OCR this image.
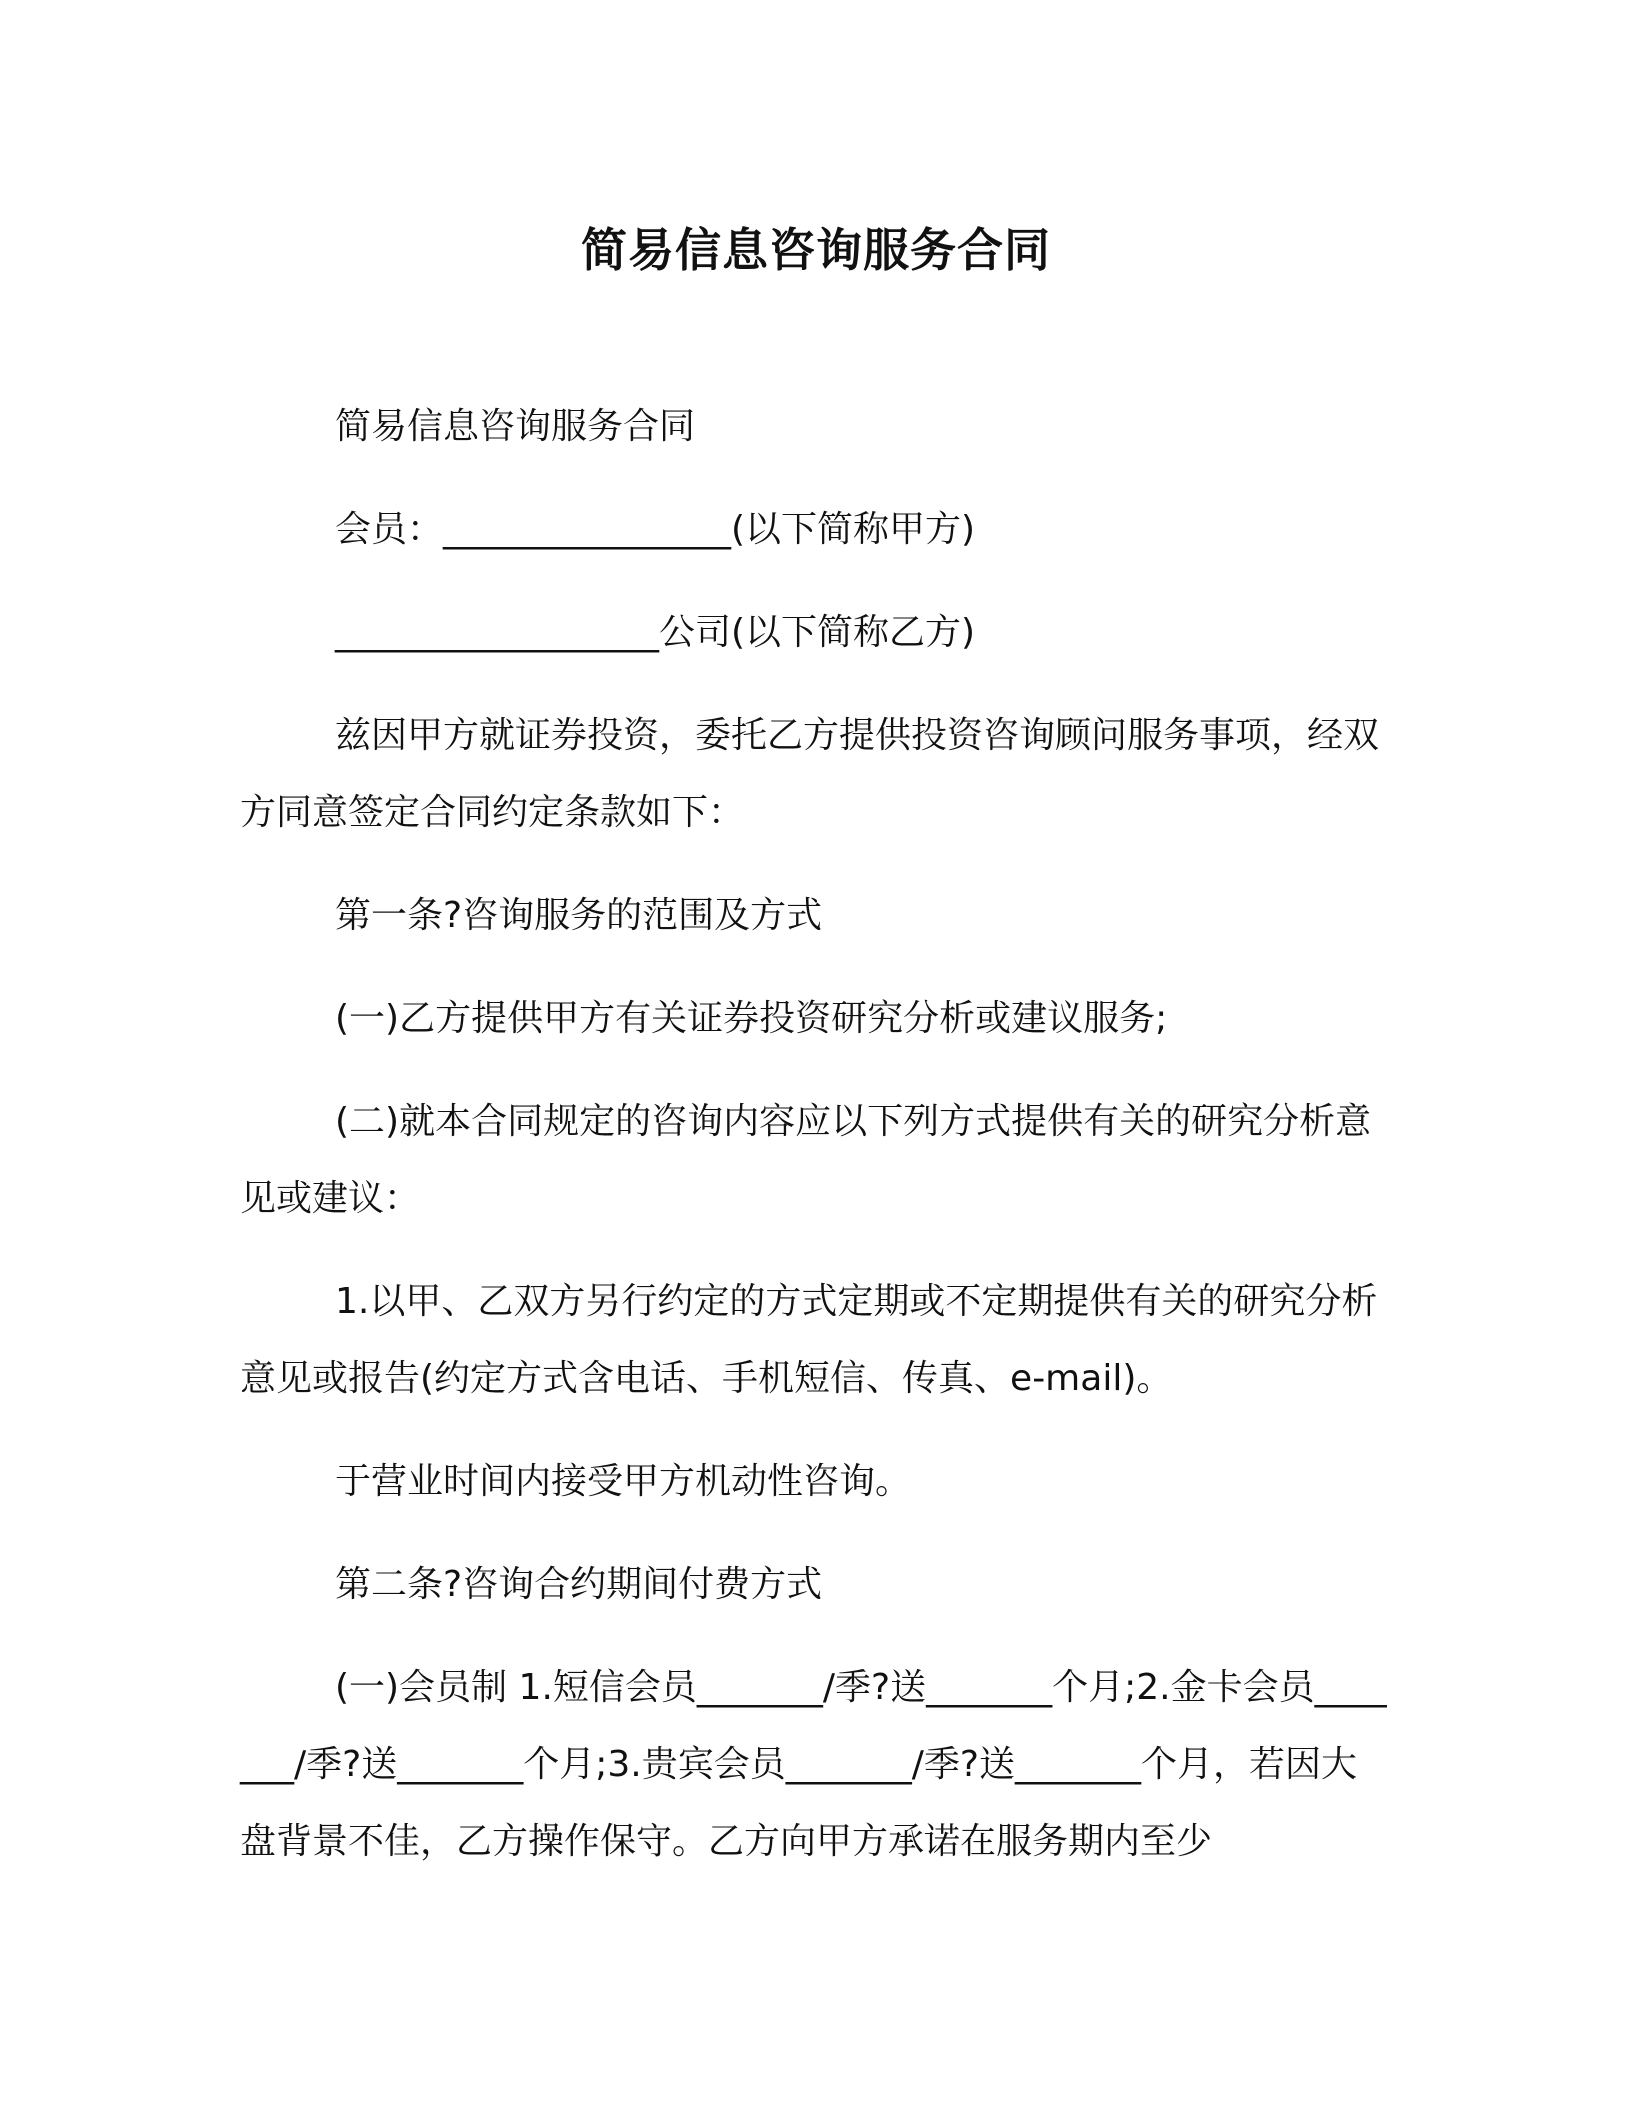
简易信息咨询服务合同

简易信息咨询服务合同

会员：________________(以下简称甲方)

__________________公司(以下简称乙方)

兹因甲方就证券投资，委托乙方提供投资咨询顾问服务事项，经双方同意签定合同约定条款如下：

第一条?咨询服务的范围及方式

(一)乙方提供甲方有关证券投资研究分析或建议服务;

(二)就本合同规定的咨询内容应以下列方式提供有关的研究分析意见或建议：

1.以甲、乙双方另行约定的方式定期或不定期提供有关的研究分析意见或报告(约定方式含电话、手机短信、传真、e-mail)。

于营业时间内接受甲方机动性咨询。

第二条?咨询合约期间付费方式

(一)会员制 1.短信会员_______/季?送_______个月;2.金卡会员_______/季?送_______个月;3.贵宾会员_______/季?送_______个月，若因大盘背景不佳，乙方操作保守。乙方向甲方承诺在服务期内至少
